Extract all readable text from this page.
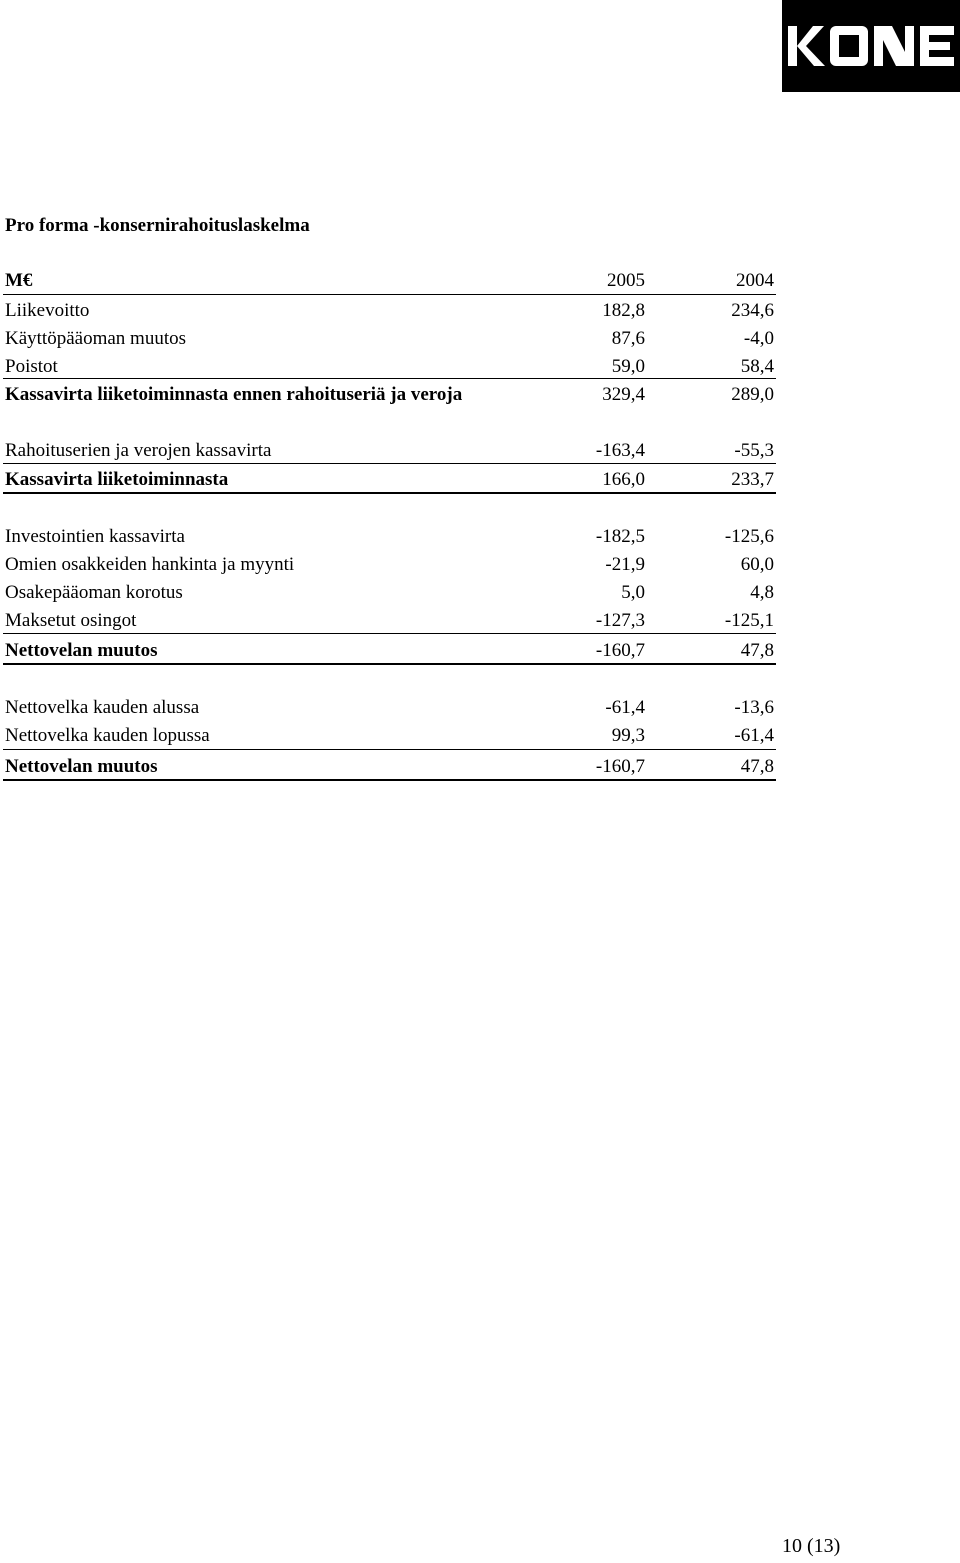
Pro forma -konsernirahoituslaskelma
M€	2005	2004
Liikevoitto	182,8	234,6
Käyttöpääoman muutos	87,6	-4,0
Poistot	59,0	58,4
Kassavirta liiketoiminnasta ennen rahoituseriä ja veroja	329,4	289,0
Rahoituserien ja verojen kassavirta	-163,4	-55,3
Kassavirta liiketoiminnasta	166,0	233,7
Investointien kassavirta	-182,5	-125,6
Omien osakkeiden hankinta ja myynti	-21,9	60,0
Osakepääoman korotus	5,0	4,8
Maksetut osingot	-127,3	-125,1
Nettovelan muutos	-160,7	47,8
Nettovelka kauden alussa	-61,4	-13,6
Nettovelka kauden lopussa	99,3	-61,4
Nettovelan muutos	-160,7	47,8
10 (13)
